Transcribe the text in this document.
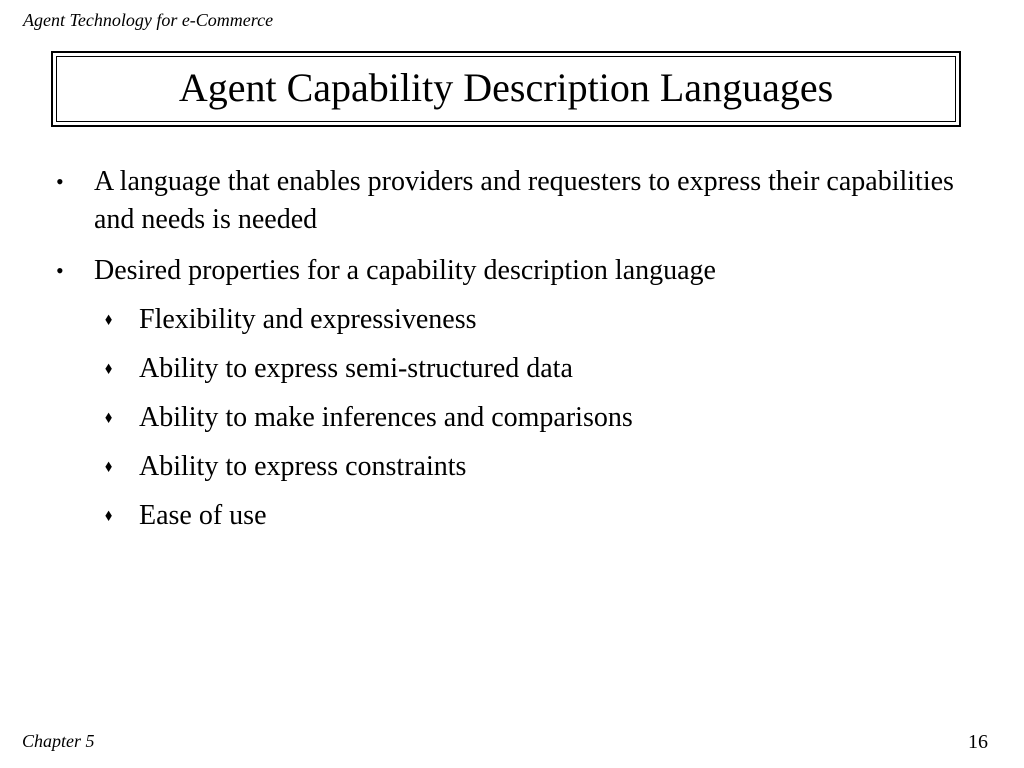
Agent Technology for e-Commerce
Agent Capability Description Languages
• A language that enables providers and requesters to express their capabilities and needs is needed
• Desired properties for a capability description language
⬧ Flexibility and expressiveness
⬧ Ability to express semi-structured data
⬧ Ability to make inferences and comparisons
⬧ Ability to express constraints
⬧ Ease of use
Chapter 5	16
